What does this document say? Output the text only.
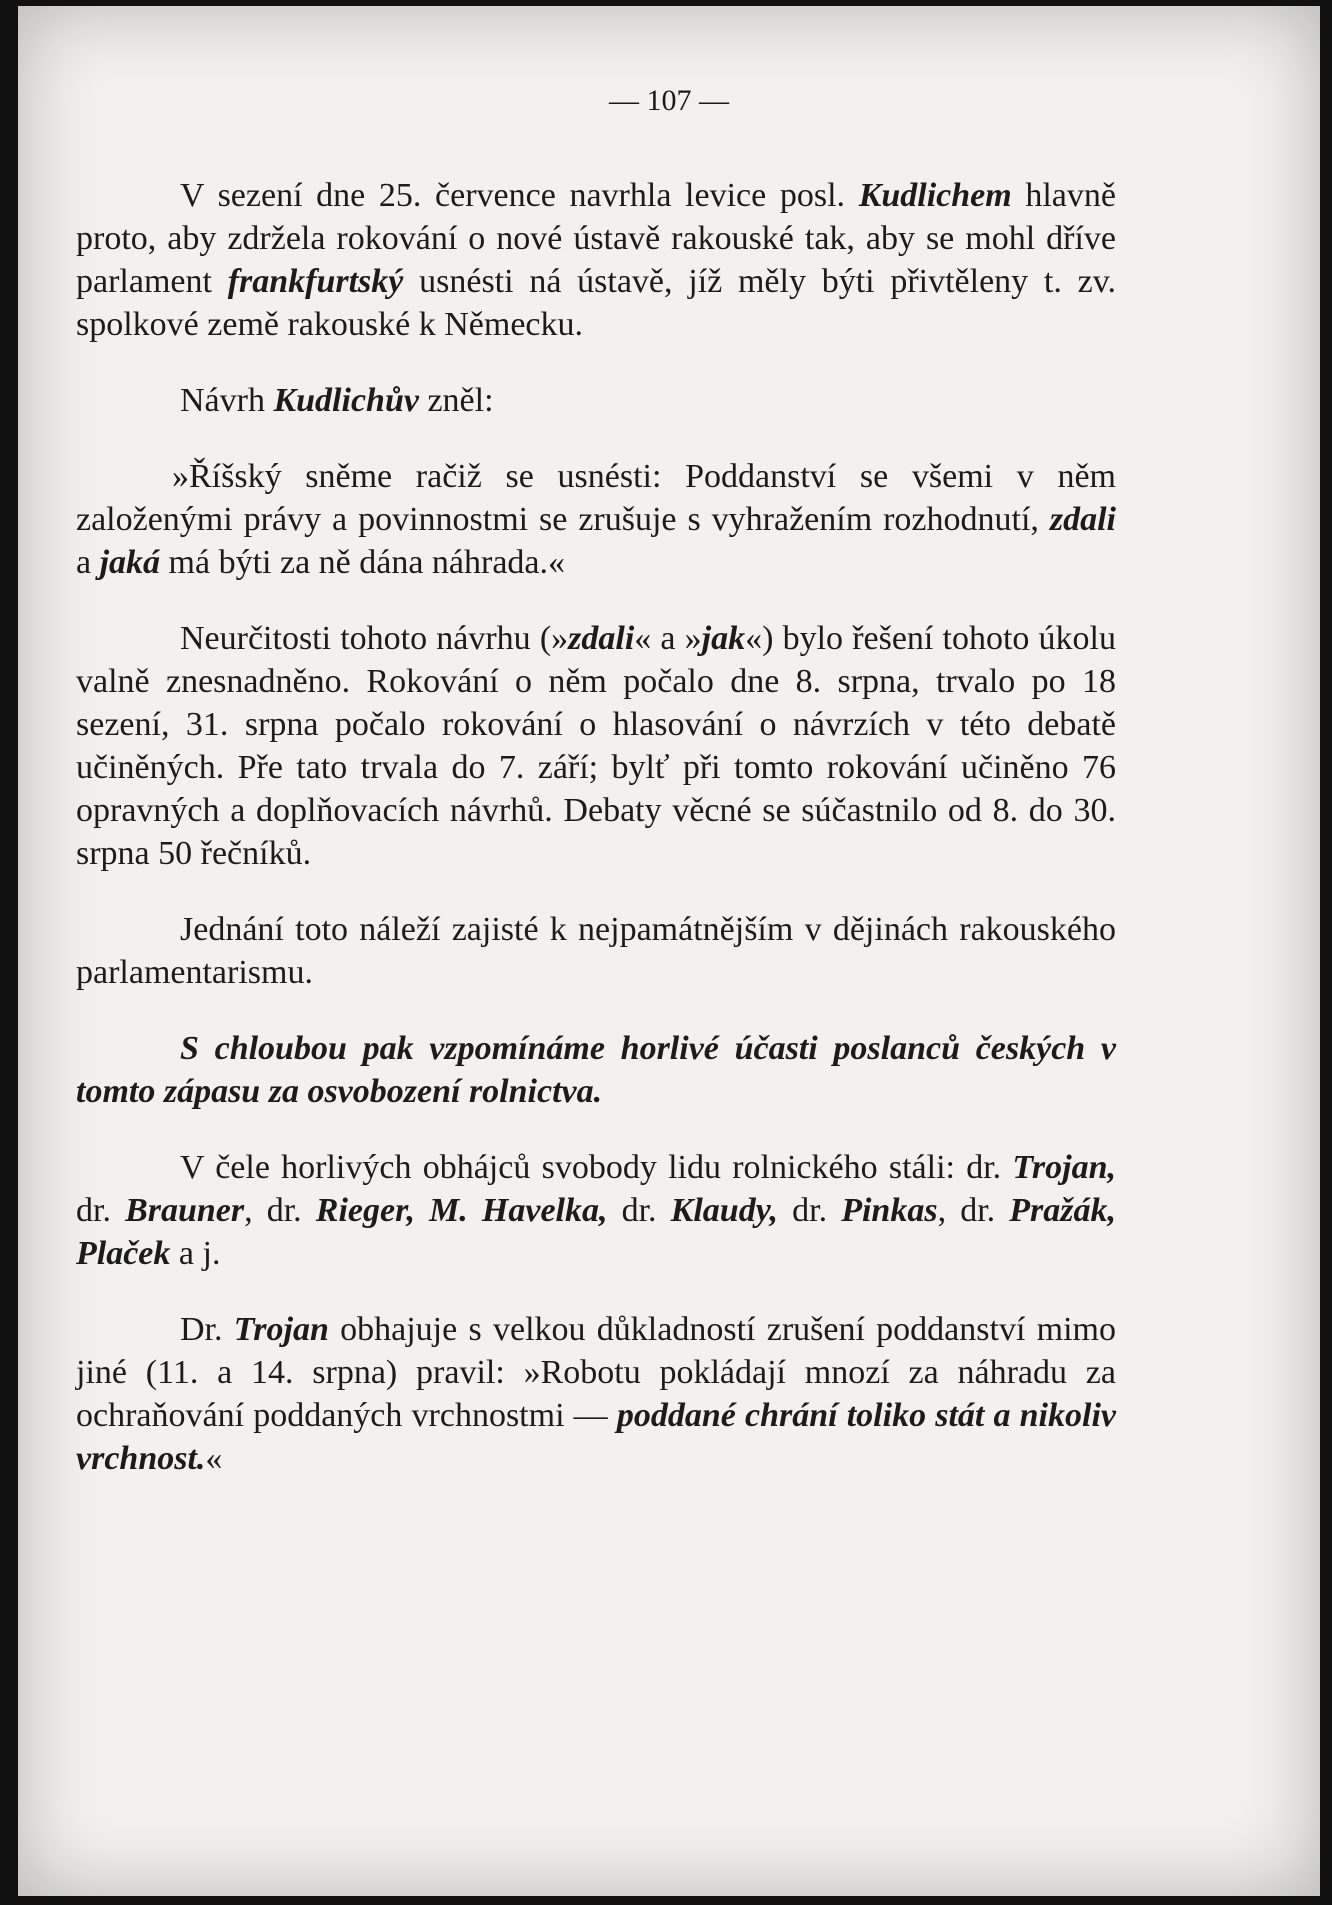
— 107 —

V sezení dne 25. července navrhla levice posl. Kudlichem hlavně proto, aby zdržela rokování o nové ústavě rakouské tak, aby se mohl dříve parlament frankfurtský usnésti ná ústavě, jíž měly býti přivtěleny t. zv. spolkové země rakouské k Německu.

Návrh Kudlichův zněl:

»Říšský sněme račiž se usnésti: Poddanství se všemi v něm založenými právy a povinnostmi se zrušuje s vyhražením rozhodnutí, zdali a jaká má býti za ně dána náhrada.«

Neurčitosti tohoto návrhu (»zdali« a »jak«) bylo řešení tohoto úkolu valně znesnadněno. Rokování o něm počalo dne 8. srpna, trvalo po 18 sezení, 31. srpna počalo rokování o hlasování o návrzích v této debatě učiněných. Pře tato trvala do 7. září; bylť při tomto rokování učiněno 76 opravných a doplňovacích návrhů. Debaty věcné se súčastnilo od 8. do 30. srpna 50 řečníků.

Jednání toto náleží zajisté k nejpamátnějším v dějinách rakouského parlamentarismu.

S chloubou pak vzpomínáme horlivé účasti poslanců českých v tomto zápasu za osvobození rolnictva.

V čele horlivých obhájců svobody lidu rolnického stáli: dr. Trojan, dr. Brauner, dr. Rieger, M. Havelka, dr. Klaudy, dr. Pinkas, dr. Pražák, Plaček a j.

Dr. Trojan obhajuje s velkou důkladností zrušení poddanství mimo jiné (11. a 14. srpna) pravil: »Robotu pokládají mnozí za náhradu za ochraňování poddaných vrchnostmi — poddané chrání toliko stát a nikoliv vrchnost.«
